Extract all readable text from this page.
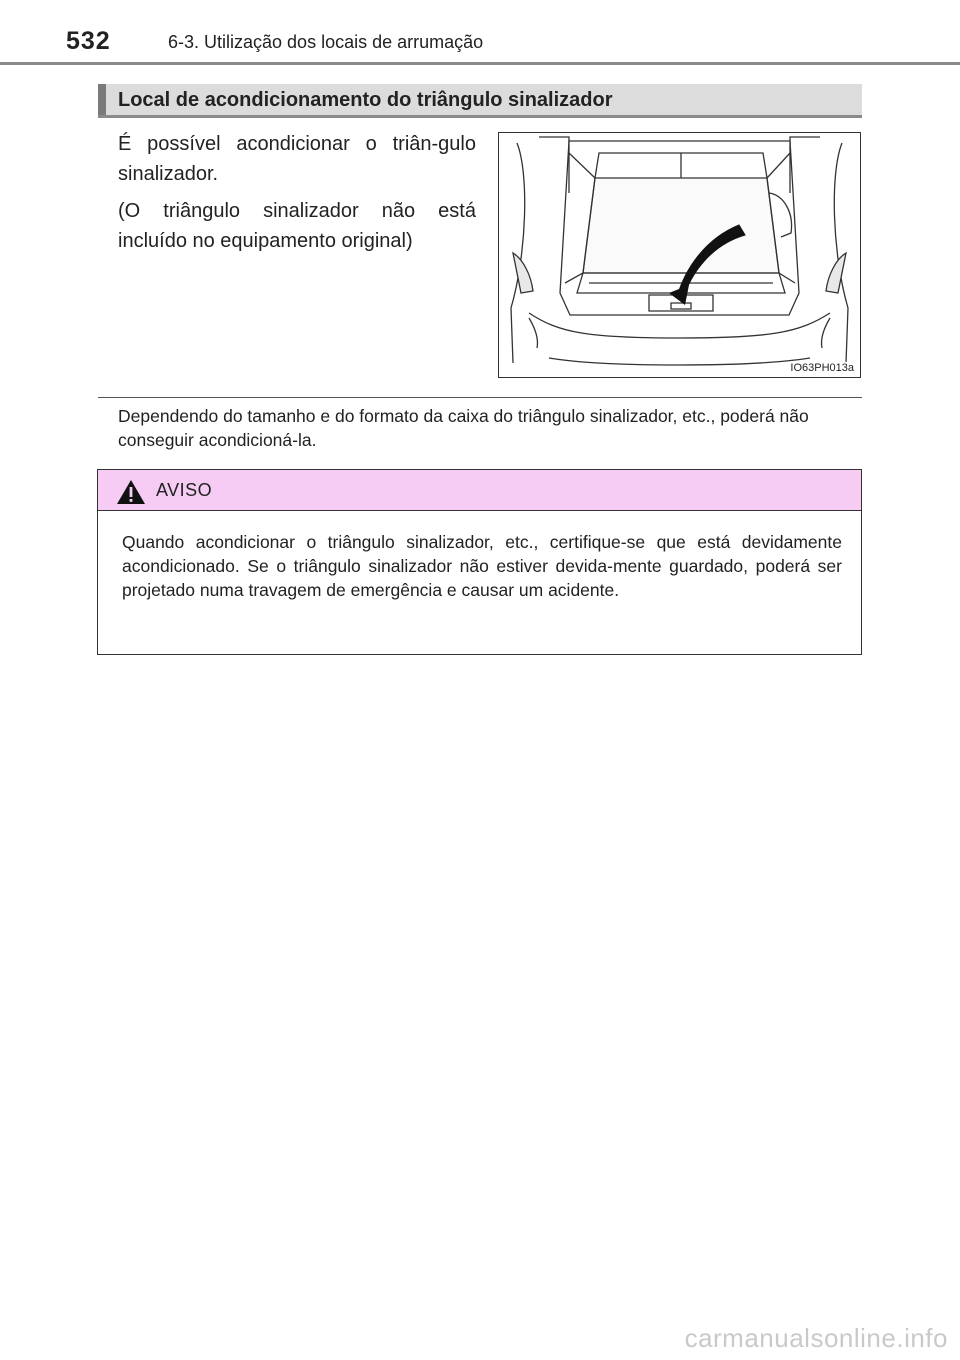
532	6-3. Utilização dos locais de arrumação
Local de acondicionamento do triângulo sinalizador

É possível acondicionar o triân-gulo sinalizador.

(O triângulo sinalizador não está incluído no equipamento original)

IO63PH013a

Dependendo do tamanho e do formato da caixa do triângulo sinalizador, etc., poderá não conseguir acondicioná-la.

AVISO

Quando acondicionar o triângulo sinalizador, etc., certifique-se que está devidamente acondicionado. Se o triângulo sinalizador não estiver devida-mente guardado, poderá ser projetado numa travagem de emergência e causar um acidente.

carmanualsonline.info
